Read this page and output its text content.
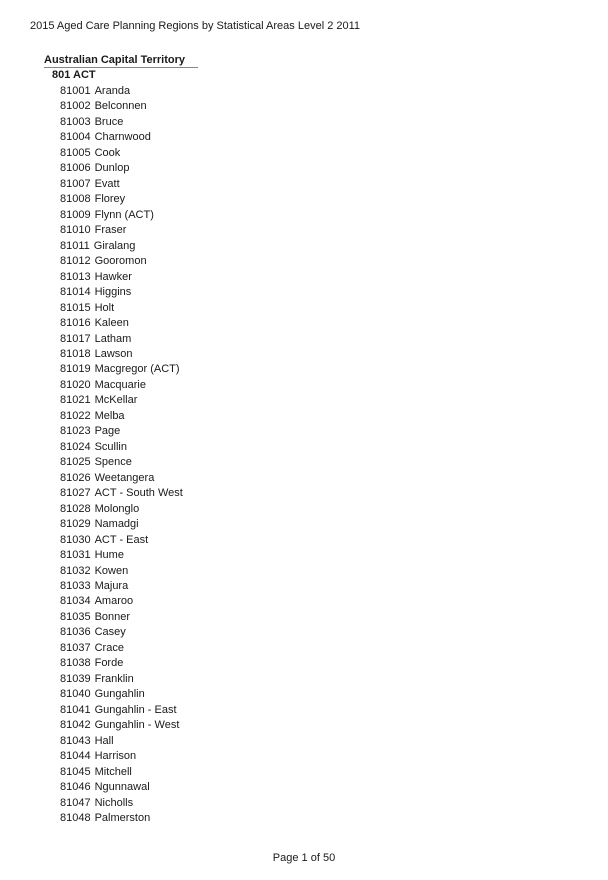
2015 Aged Care Planning Regions by Statistical Areas Level 2 2011
Australian Capital Territory
801 ACT
81001 Aranda
81002 Belconnen
81003 Bruce
81004 Charnwood
81005 Cook
81006 Dunlop
81007 Evatt
81008 Florey
81009 Flynn (ACT)
81010 Fraser
81011 Giralang
81012 Gooromon
81013 Hawker
81014 Higgins
81015 Holt
81016 Kaleen
81017 Latham
81018 Lawson
81019 Macgregor (ACT)
81020 Macquarie
81021 McKellar
81022 Melba
81023 Page
81024 Scullin
81025 Spence
81026 Weetangera
81027 ACT - South West
81028 Molonglo
81029 Namadgi
81030 ACT - East
81031 Hume
81032 Kowen
81033 Majura
81034 Amaroo
81035 Bonner
81036 Casey
81037 Crace
81038 Forde
81039 Franklin
81040 Gungahlin
81041 Gungahlin - East
81042 Gungahlin - West
81043 Hall
81044 Harrison
81045 Mitchell
81046 Ngunnawal
81047 Nicholls
81048 Palmerston
Page 1 of 50
